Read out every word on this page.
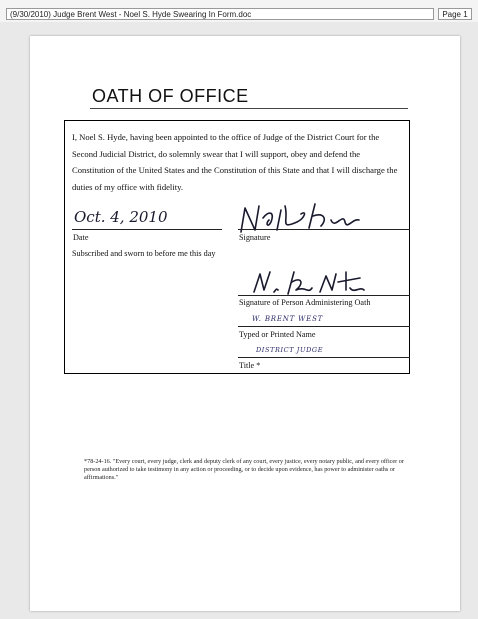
(9/30/2010) Judge Brent West - Noel S. Hyde Swearing In Form.doc	Page 1
OATH OF OFFICE
I, Noel S. Hyde, having been appointed to the office of Judge of the District Court for the Second Judicial District, do solemnly swear that I will support, obey and defend the Constitution of the United States and the Constitution of this State and that I will discharge the duties of my office with fidelity.
Oct. 4, 2010
Date	Signature
Subscribed and sworn to before me this day
Signature of Person Administering Oath
W. BRENT WEST
Typed or Printed Name
DISTRICT JUDGE
Title *
*78-24-16. "Every court, every judge, clerk and deputy clerk of any court, every justice, every notary public, and every officer or person authorized to take testimony in any action or proceeding, or to decide upon evidence, has power to administer oaths or affirmations."
